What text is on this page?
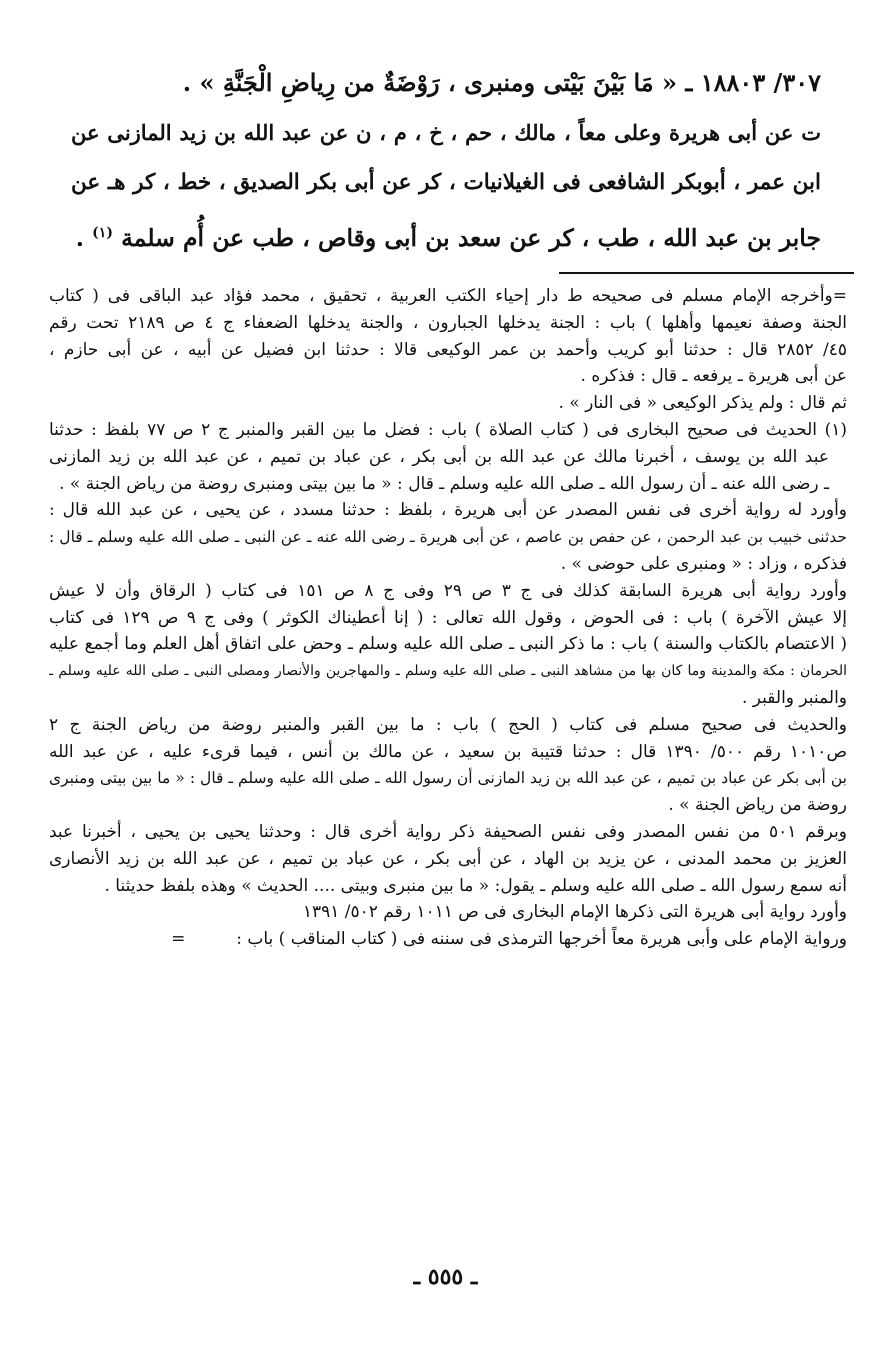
٣٠٧/ ١٨٨٠٣ ـ « مَا بَيْنَ بَيْتى ومنبرى ، رَوْضَةٌ من رِياضِ الْجَنَّةِ » .
ت عن أبى هريرة وعلى معاً ، مالك ، حم ، خ ، م ، ن عن عبد الله بن زيد المازنى عن
ابن عمر ، أبوبكر الشافعى فى الغيلانيات ، كر عن أبى بكر الصديق ، خط ، كر هـ عن
جابر بن عبد الله ، طب ، كر عن سعد بن أبى وقاص ، طب عن أُم سلمة $^{(١)}$ .
=وأخرجه الإمام مسلم فى صحيحه ط دار إحياء الكتب العربية ، تحقيق ، محمد فؤاد عبد الباقى فى ( كتاب
الجنة وصفة نعيمها وأهلها ) باب : الجنة يدخلها الجبارون ، والجنة يدخلها الضعفاء ج ٤ ص ٢١٨٩ تحت رقم
٤٥/ ٢٨٥٢ قال : حدثنا أبو كريب وأحمد بن عمر الوكيعى قالا : حدثنا ابن فضيل عن أبيه ، عن أبى حازم ،
عن أبى هريرة ـ يرفعه ـ قال : فذكره .
ثم قال : ولم يذكر الوكيعى « فى النار » .
(١) الحديث فى صحيح البخارى فى ( كتاب الصلاة ) باب : فضل ما بين القبر والمنبر ج ٢ ص ٧٧ بلفظ : حدثنا
عبد الله بن يوسف ، أخبرنا مالك عن عبد الله بن أبى بكر ، عن عباد بن تميم ، عن عبد الله بن زيد المازنى
ـ رضى الله عنه ـ أن رسول الله ـ صلى الله عليه وسلم ـ قال : « ما بين بيتى ومنبرى روضة من رياض الجنة » .
وأورد له رواية أخرى فى نفس المصدر عن أبى هريرة ، بلفظ : حدثنا مسدد ، عن يحيى ، عن عبد الله قال :
حدثنى خبيب بن عبد الرحمن ، عن حفص بن عاصم ، عن أبى هريرة ـ رضى الله عنه ـ عن النبى ـ صلى الله عليه وسلم ـ قال :
فذكره ، وزاد : « ومنبرى على حوضى » .
وأورد رواية أبى هريرة السابقة كذلك فى ج ٣ ص ٢٩ وفى ج ٨ ص ١٥١ فى كتاب ( الرقاق وأن لا عيش
إلا عيش الآخرة ) باب : فى الحوض ، وقول الله تعالى : ( إنا أعطيناك الكوثر ) وفى ج ٩ ص ١٢٩ فى كتاب
( الاعتصام بالكتاب والسنة ) باب : ما ذكر النبى ـ صلى الله عليه وسلم ـ وحض على اتفاق أهل العلم وما أجمع عليه
الحرمان : مكة والمدينة وما كان بها من مشاهد النبى ـ صلى الله عليه وسلم ـ والمهاجرين والأنصار ومصلى النبى ـ صلى الله عليه وسلم ـ
والمنبر والقبر .
والحديث فى صحيح مسلم فى كتاب ( الحج ) باب : ما بين القبر والمنبر روضة من رياض الجنة ج ٢
ص١٠١٠ رقم ٥٠٠/ ١٣٩٠ قال : حدثنا قتيبة بن سعيد ، عن مالك بن أنس ، فيما قرىء عليه ، عن عبد الله
بن أبى بكر عن عباد بن تميم ، عن عبد الله بن زيد المازنى أن رسول الله ـ صلى الله عليه وسلم ـ قال : « ما بين بيتى ومنبرى
روضة من رياض الجنة » .
وبرقم ٥٠١ من نفس المصدر وفى نفس الصحيفة ذكر رواية أخرى قال : وحدثنا يحيى بن يحيى ، أخبرنا عبد
العزيز بن محمد المدنى ، عن يزيد بن الهاد ، عن أبى بكر ، عن عباد بن تميم ، عن عبد الله بن زيد الأنصارى
أنه سمع رسول الله ـ صلى الله عليه وسلم ـ يقول: « ما بين منبرى وبيتى .... الحديث » وهذه بلفظ حديثنا .
وأورد رواية أبى هريرة التى ذكرها الإمام البخارى فى ص ١٠١١ رقم ٥٠٢/ ١٣٩١
ورواية الإمام على وأبى هريرة معاً أخرجها الترمذى فى سننه فى ( كتاب المناقب ) باب :  =
ـ ٥٥٥ ـ
